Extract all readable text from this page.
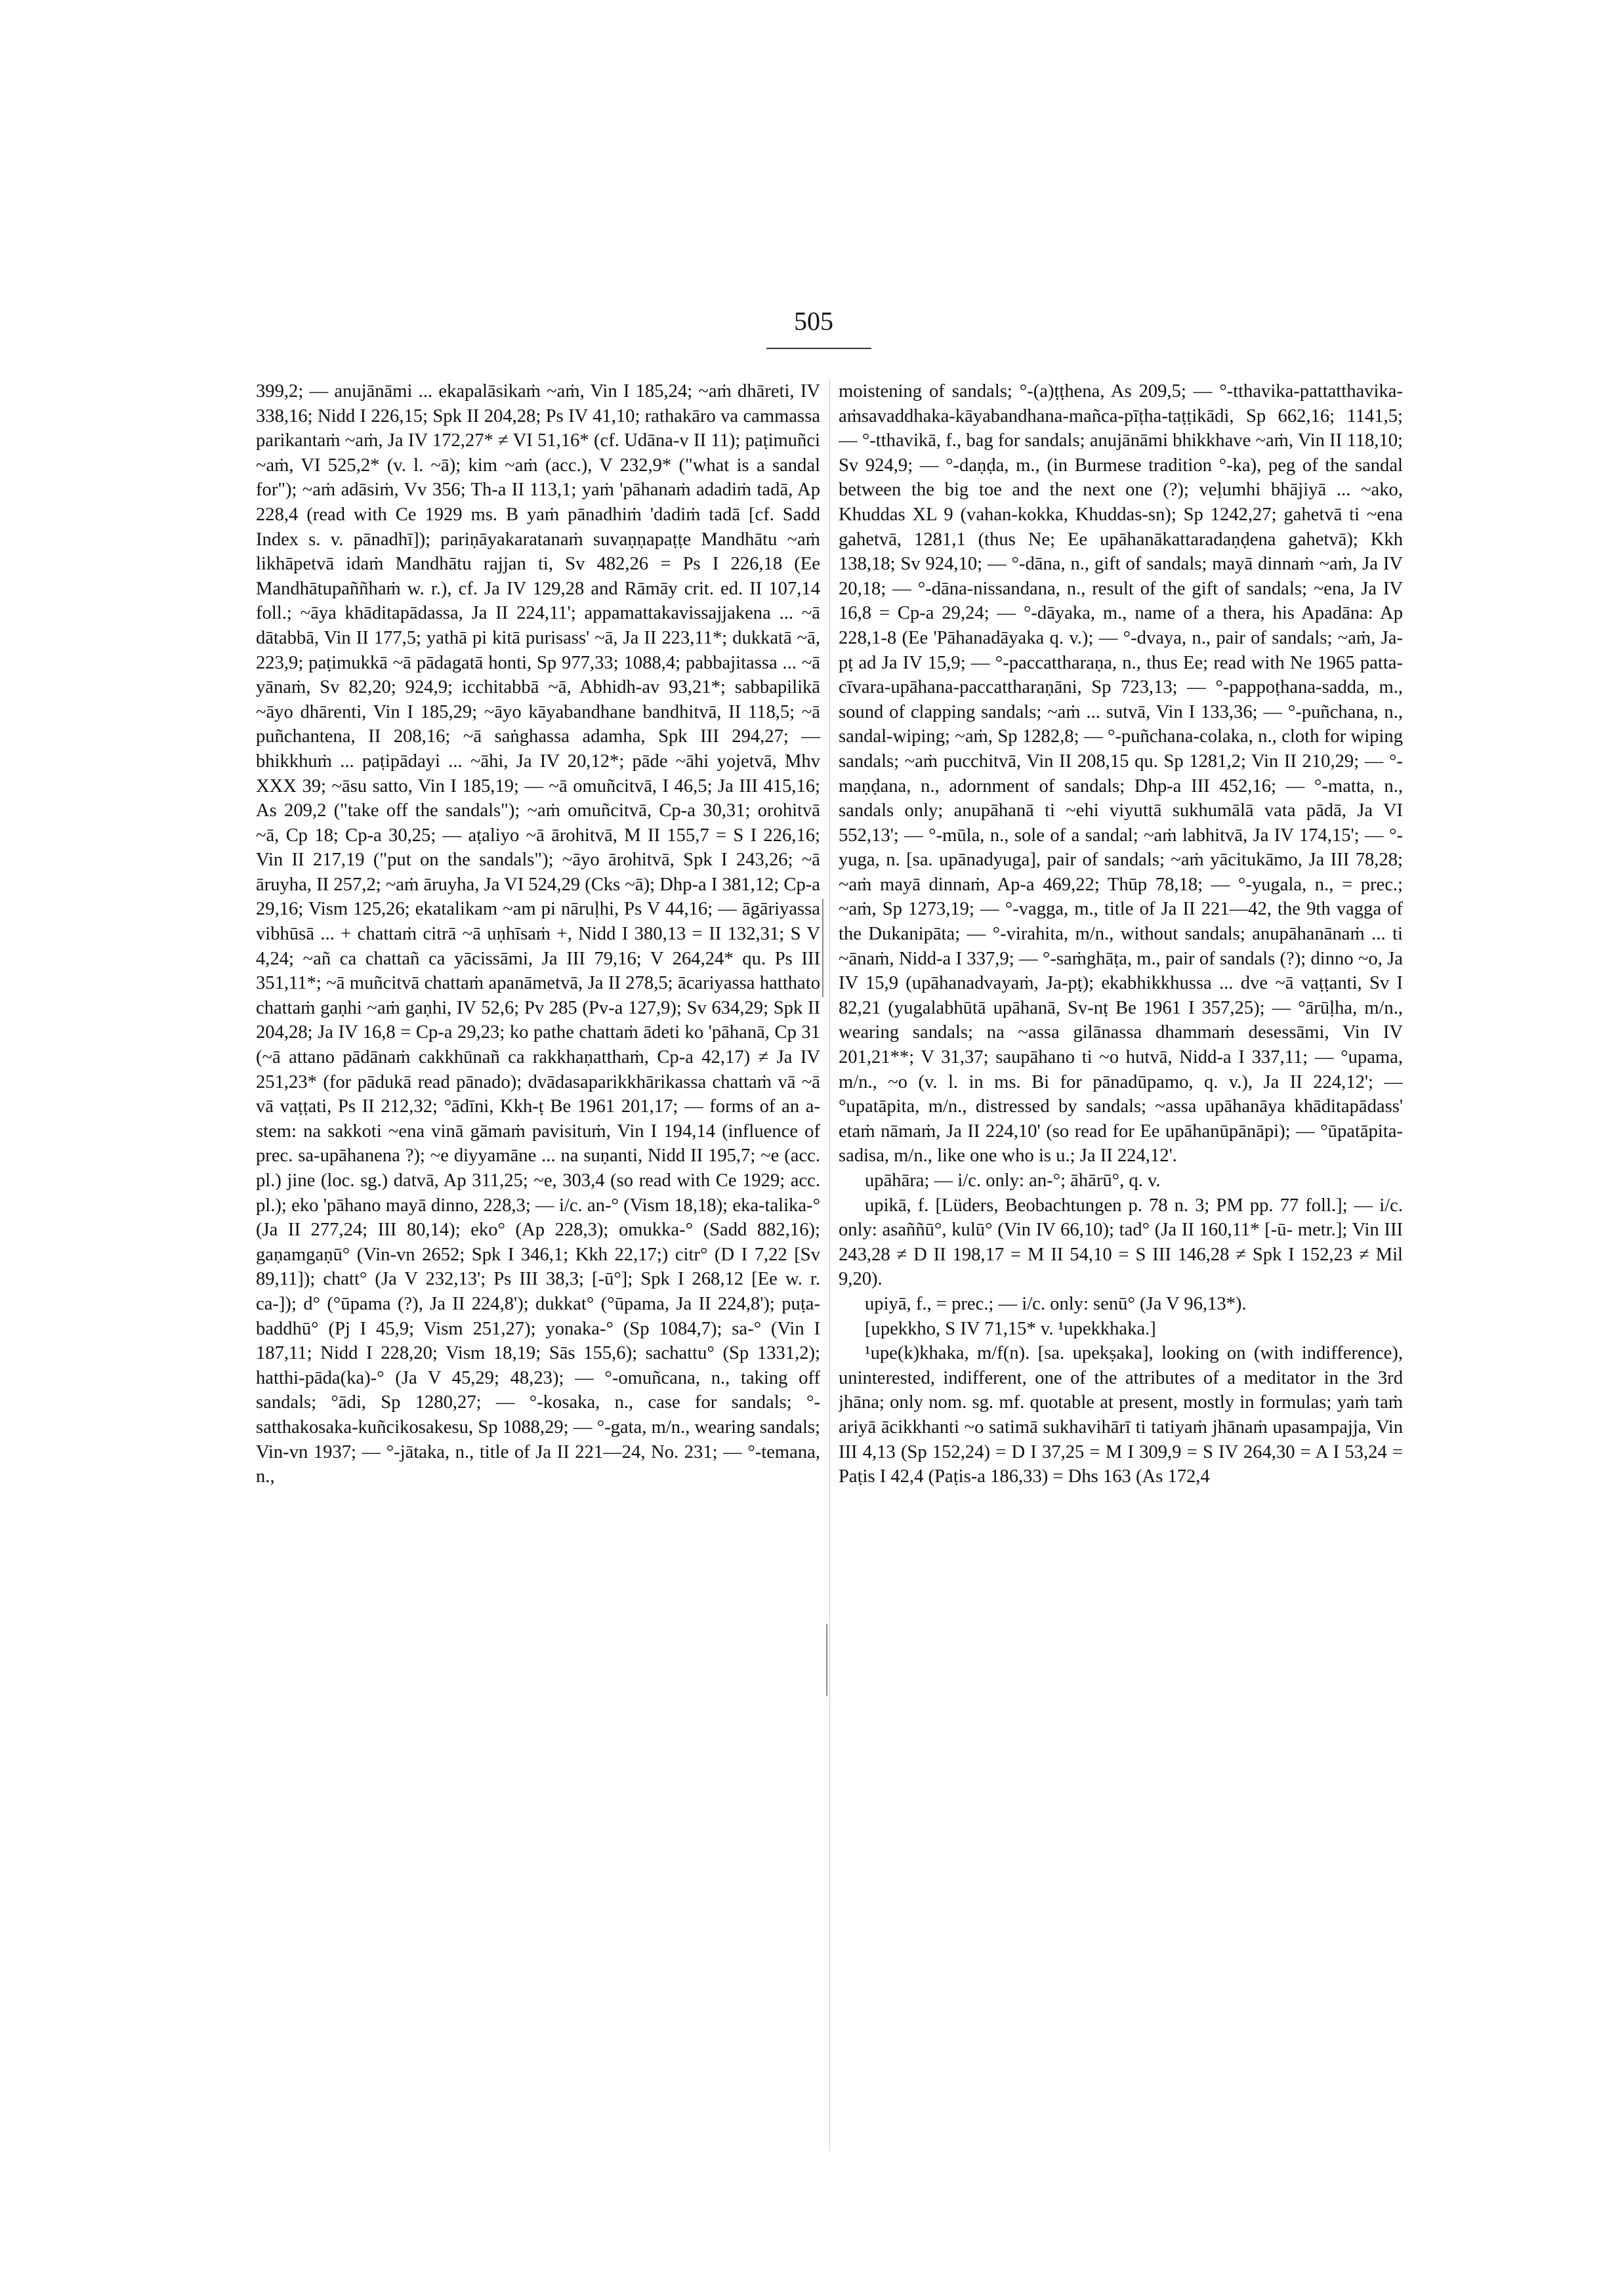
505

399,2; — anujānāmi ... ekapalāsikaṁ ~aṁ, Vin I 185,24; ~aṁ dhāreti, IV 338,16; Nidd I 226,15; Spk II 204,28; Ps IV 41,10; rathakāro va cammassa parikantaṁ ~aṁ, Ja IV 172,27* ≠ VI 51,16* (cf. Udāna-v II 11); paṭimuñci ~aṁ, VI 525,2* (v. l. ~ā); kim ~aṁ (acc.), V 232,9* ("what is a sandal for"); ~aṁ adāsiṁ, Vv 356; Th-a II 113,1; yaṁ 'pāhanaṁ adadiṁ tadā, Ap 228,4 (read with Ce 1929 ms. B yaṁ pānadhiṁ 'dadiṁ tadā [cf. Sadd Index s. v. pānadhī]); pariṇāyakaratanaṁ suvaṇṇapaṭṭe Mandhātu ~aṁ likhāpetvā idaṁ Mandhātu rajjan ti, Sv 482,26 = Ps I 226,18 (Ee Mandhātupaññhaṁ w. r.), cf. Ja IV 129,28 and Rāmāy crit. ed. II 107,14 foll.; ~āya khāditapādassa, Ja II 224,11'; appamattakavissajjakena ... ~ā dātabbā, Vin II 177,5; yathā pi kitā purisass' ~ā, Ja II 223,11*; dukkatā ~ā, 223,9; paṭimukkā ~ā pādagatā honti, Sp 977,33; 1088,4; pabbajitassa ... ~ā yānaṁ, Sv 82,20; 924,9; icchitabbā ~ā, Abhidh-av 93,21*; sabbapilikā ~āyo dhārenti, Vin I 185,29; ~āyo kāyabandhane bandhitvā, II 118,5; ~ā puñchantena, II 208,16; ~ā saṅghassa adamha, Spk III 294,27; — bhikkhuṁ ... paṭipādayi ... ~āhi, Ja IV 20,12*; pāde ~āhi yojetvā, Mhv XXX 39; ~āsu satto, Vin I 185,19; — ~ā omuñcitvā, I 46,5; Ja III 415,16; As 209,2 ("take off the sandals"); ~aṁ omuñcitvā, Cp-a 30,31; orohitvā ~ā, Cp 18; Cp-a 30,25; — aṭaliyo ~ā ārohitvā, M II 155,7 = S I 226,16; Vin II 217,19 ("put on the sandals"); ~āyo ārohitvā, Spk I 243,26; ~ā āruyha, II 257,2; ~aṁ āruyha, Ja VI 524,29 (Cks ~ā); Dhp-a I 381,12; Cp-a 29,16; Vism 125,26; ekatalikam ~am pi nāruḷhi, Ps V 44,16; — āgāriyassa vibhūsā ... + chattaṁ citrā ~ā uṇhīsaṁ +, Nidd I 380,13 = II 132,31; S V 4,24; ~añ ca chattañ ca yācissāmi, Ja III 79,16; V 264,24* qu. Ps III 351,11*; ~ā muñcitvā chattaṁ apanāmetvā, Ja II 278,5; ācariyassa hatthato chattaṁ gaṇhi ~aṁ gaṇhi, IV 52,6; Pv 285 (Pv-a 127,9); Sv 634,29; Spk II 204,28; Ja IV 16,8 = Cp-a 29,23; ko pathe chattaṁ ādeti ko 'pāhanā, Cp 31 (~ā attano pādānaṁ cakkhūnañ ca rakkhaṇatthaṁ, Cp-a 42,17) ≠ Ja IV 251,23* (for pādukā read pānado); dvādasaparikkhārikassa chattaṁ vā ~ā vā vaṭṭati, Ps II 212,32; °ādīni, Kkh-ṭ Be 1961 201,17; — forms of an a-stem: na sakkoti ~ena vinā gāmaṁ pavisituṁ, Vin I 194,14 (influence of prec. sa-upāhanena ?); ~e diyyamāne ... na suṇanti, Nidd II 195,7; ~e (acc. pl.) jine (loc. sg.) datvā, Ap 311,25; ~e, 303,4 (so read with Ce 1929; acc. pl.); eko 'pāhano mayā dinno, 228,3; — i/c. an-° (Vism 18,18); eka-talika-° (Ja II 277,24; III 80,14); eko° (Ap 228,3); omukka-° (Sadd 882,16); gaṇamgaṇū° (Vin-vn 2652; Spk I 346,1; Kkh 22,17;) citr° (D I 7,22 [Sv 89,11]); chatt° (Ja V 232,13'; Ps III 38,3; [-ū°]; Spk I 268,12 [Ee w. r. ca-]); d° (°ūpama (?), Ja II 224,8'); dukkat° (°ūpama, Ja II 224,8'); puṭa-baddhū° (Pj I 45,9; Vism 251,27); yonaka-° (Sp 1084,7); sa-° (Vin I 187,11; Nidd I 228,20; Vism 18,19; Sās 155,6); sachattu° (Sp 1331,2); hatthi-pāda(ka)-° (Ja V 45,29; 48,23); — °-omuñcana, n., taking off sandals; °ādi, Sp 1280,27; — °-kosaka, n., case for sandals; °-satthakosaka-kuñcikosakesu, Sp 1088,29; — °-gata, m/n., wearing sandals; Vin-vn 1937; — °-jātaka, n., title of Ja II 221—24, No. 231; — °-temana, n.,

moistening of sandals; °-(a)ṭṭhena, As 209,5; — °-tthavika-pattatthavika-aṁsavaddhaka-kāyabandhana-mañca-pīṭha-taṭṭikādi, Sp 662,16; 1141,5; — °-tthavikā, f., bag for sandals; anujānāmi bhikkhave ~aṁ, Vin II 118,10; Sv 924,9; — °-daṇḍa, m., (in Burmese tradition °-ka), peg of the sandal between the big toe and the next one (?); veḷumhi bhājiyā ... ~ako, Khuddas XL 9 (vahan-kokka, Khuddas-sn); Sp 1242,27; gahetvā ti ~ena gahetvā, 1281,1 (thus Ne; Ee upāhanākattaradaṇḍena gahetvā); Kkh 138,18; Sv 924,10; — °-dāna, n., gift of sandals; mayā dinnaṁ ~aṁ, Ja IV 20,18; — °-dāna-nissandana, n., result of the gift of sandals; ~ena, Ja IV 16,8 = Cp-a 29,24; — °-dāyaka, m., name of a thera, his Apadāna: Ap 228,1-8 (Ee 'Pāhanadāyaka q. v.); — °-dvaya, n., pair of sandals; ~aṁ, Ja-pṭ ad Ja IV 15,9; — °-paccattharaṇa, n., thus Ee; read with Ne 1965 patta-cīvara-upāhana-paccattharaṇāni, Sp 723,13; — °-pappoṭhana-sadda, m., sound of clapping sandals; ~aṁ ... sutvā, Vin I 133,36; — °-puñchana, n., sandal-wiping; ~aṁ, Sp 1282,8; — °-puñchana-colaka, n., cloth for wiping sandals; ~aṁ pucchitvā, Vin II 208,15 qu. Sp 1281,2; Vin II 210,29; — °-maṇḍana, n., adornment of sandals; Dhp-a III 452,16; — °-matta, n., sandals only; anupāhanā ti ~ehi viyuttā sukhumālā vata pādā, Ja VI 552,13'; — °-mūla, n., sole of a sandal; ~aṁ labhitvā, Ja IV 174,15'; — °-yuga, n. [sa. upānadyuga], pair of sandals; ~aṁ yācitukāmo, Ja III 78,28; ~aṁ mayā dinnaṁ, Ap-a 469,22; Thūp 78,18; — °-yugala, n., = prec.; ~aṁ, Sp 1273,19; — °-vagga, m., title of Ja II 221—42, the 9th vagga of the Dukanipāta; — °-virahita, m/n., without sandals; anupāhanānaṁ ... ti ~ānaṁ, Nidd-a I 337,9; — °-saṁghāṭa, m., pair of sandals (?); dinno ~o, Ja IV 15,9 (upāhanadvayaṁ, Ja-pṭ); ekabhikkhussa ... dve ~ā vaṭṭanti, Sv I 82,21 (yugalabhūtā upāhanā, Sv-nṭ Be 1961 I 357,25); — °ārūḷha, m/n., wearing sandals; na ~assa gilānassa dhammaṁ desessāmi, Vin IV 201,21**; V 31,37; saupāhano ti ~o hutvā, Nidd-a I 337,11; — °upama, m/n., ~o (v. l. in ms. Bi for pānadūpamo, q. v.), Ja II 224,12'; — °upatāpita, m/n., distressed by sandals; ~assa upāhanāya khāditapādass' etaṁ nāmaṁ, Ja II 224,10' (so read for Ee upāhanūpānāpi); — °ūpatāpita-sadisa, m/n., like one who is u.; Ja II 224,12'.

upāhāra; — i/c. only: an-°; āhārū°, q. v.

upikā, f. [Lüders, Beobachtungen p. 78 n. 3; PM pp. 77 foll.]; — i/c. only: asaññū°, kulū° (Vin IV 66,10); tad° (Ja II 160,11* [-ū- metr.]; Vin III 243,28 ≠ D II 198,17 = M II 54,10 = S III 146,28 ≠ Spk I 152,23 ≠ Mil 9,20).

upiyā, f., = prec.; — i/c. only: senū° (Ja V 96,13*).

[upekkho, S IV 71,15* v. ¹upekkhaka.]

¹upe(k)khaka, m/f(n). [sa. upekṣaka], looking on (with indifference), uninterested, indifferent, one of the attributes of a meditator in the 3rd jhāna; only nom. sg. mf. quotable at present, mostly in formulas; yaṁ taṁ ariyā ācikkhanti ~o satimā sukhavihārī ti tatiyaṁ jhānaṁ upasampajja, Vin III 4,13 (Sp 152,24) = D I 37,25 = M I 309,9 = S IV 264,30 = A I 53,24 = Paṭis I 42,4 (Paṭis-a 186,33) = Dhs 163 (As 172,4
